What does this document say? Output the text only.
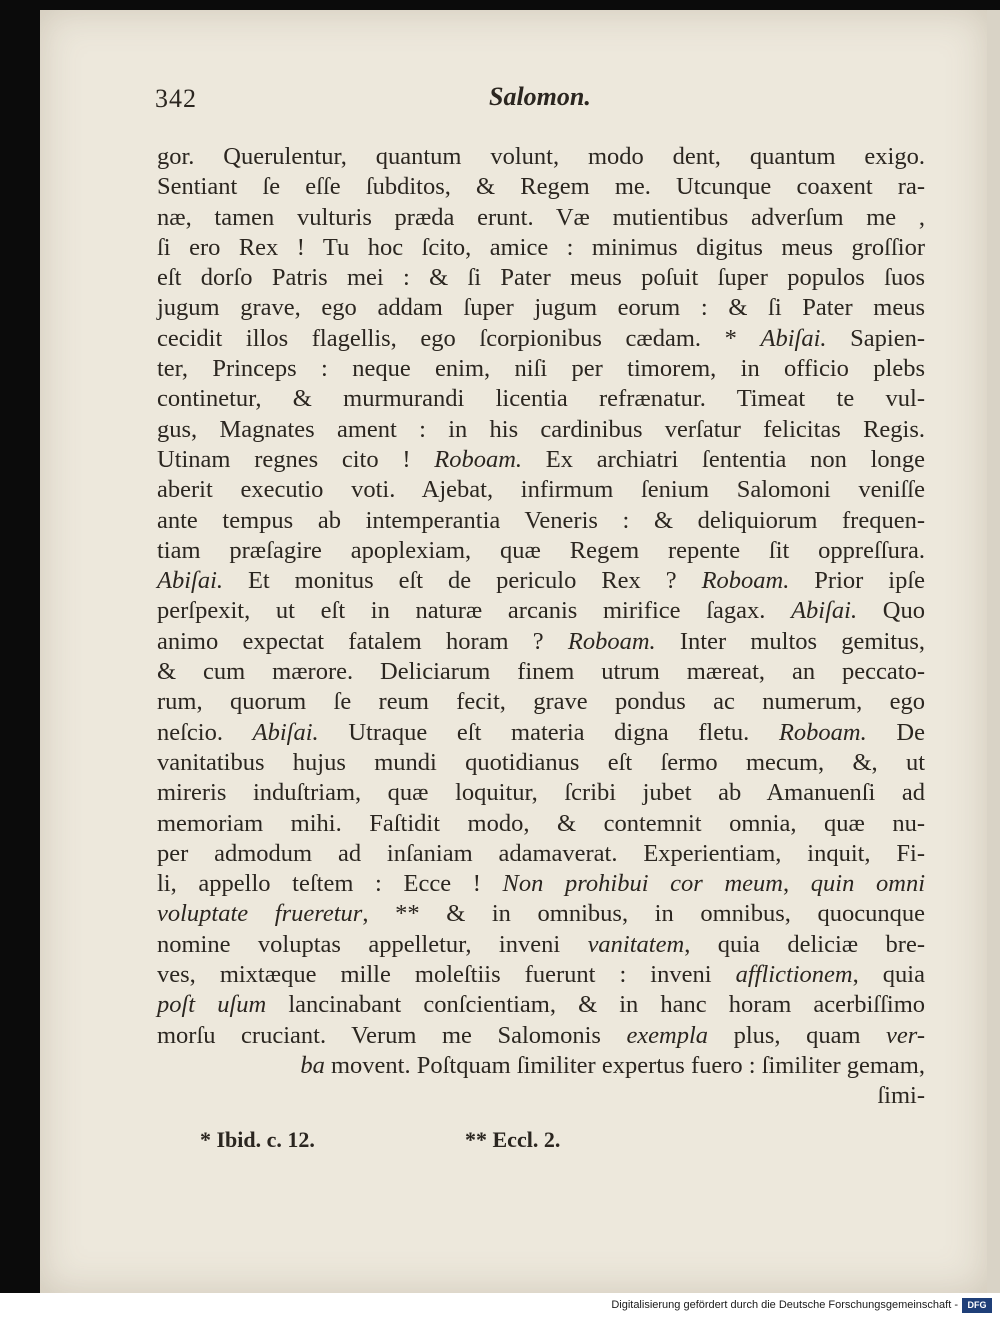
342	Salomon.
gor. Querulentur, quantum volunt, modo dent, quantum exigo.
Sentiant ſe eſſe ſubditos, & Regem me. Utcunque coaxent ra-
næ, tamen vulturis præda erunt. Væ mutientibus adverſum me ,
ſi ero Rex ! Tu hoc ſcito, amice : minimus digitus meus groſſior
eſt dorſo Patris mei : & ſi Pater meus poſuit ſuper populos ſuos
jugum grave, ego addam ſuper jugum eorum : & ſi Pater meus
cecidit illos flagellis, ego ſcorpionibus cædam. * Abiſai. Sapien-
ter, Princeps : neque enim, niſi per timorem, in officio plebs
continetur, & murmurandi licentia refrænatur. Timeat te vul-
gus, Magnates ament : in his cardinibus verſatur felicitas Regis.
Utinam regnes cito ! Roboam. Ex archiatri ſententia non longe
aberit executio voti. Ajebat, infirmum ſenium Salomoni veniſſe
ante tempus ab intemperantia Veneris : & deliquiorum frequen-
tiam præſagire apoplexiam, quæ Regem repente ſit oppreſſura.
Abiſai. Et monitus eſt de periculo Rex ? Roboam. Prior ipſe
perſpexit, ut eſt in naturæ arcanis mirifice ſagax. Abiſai. Quo
animo expectat fatalem horam ? Roboam. Inter multos gemitus,
& cum mærore. Deliciarum finem utrum mæreat, an peccato-
rum, quorum ſe reum fecit, grave pondus ac numerum, ego
neſcio. Abiſai. Utraque eſt materia digna fletu. Roboam. De
vanitatibus hujus mundi quotidianus eſt ſermo mecum, &, ut
mireris induſtriam, quæ loquitur, ſcribi jubet ab Amanuenſi ad
memoriam mihi. Faſtidit modo, & contemnit omnia, quæ nu-
per admodum ad inſaniam adamaverat. Experientiam, inquit, Fi-
li, appello teſtem : Ecce ! Non prohibui cor meum, quin omni
voluptate frueretur, ** & in omnibus, in omnibus, quocunque
nomine voluptas appelletur, inveni vanitatem, quia deliciæ bre-
ves, mixtæque mille moleſtiis fuerunt : inveni afflictionem, quia
poſt uſum lancinabant conſcientiam, & in hanc horam acerbiſſimo
morſu cruciant. Verum me Salomonis exempla plus, quam ver-
ba movent. Poſtquam ſimiliter expertus fuero : ſimiliter gemam,
ſimi-
* Ibid. c. 12.	** Eccl. 2.
Digitalisierung gefördert durch die Deutsche Forschungsgemeinschaft -	DFG
